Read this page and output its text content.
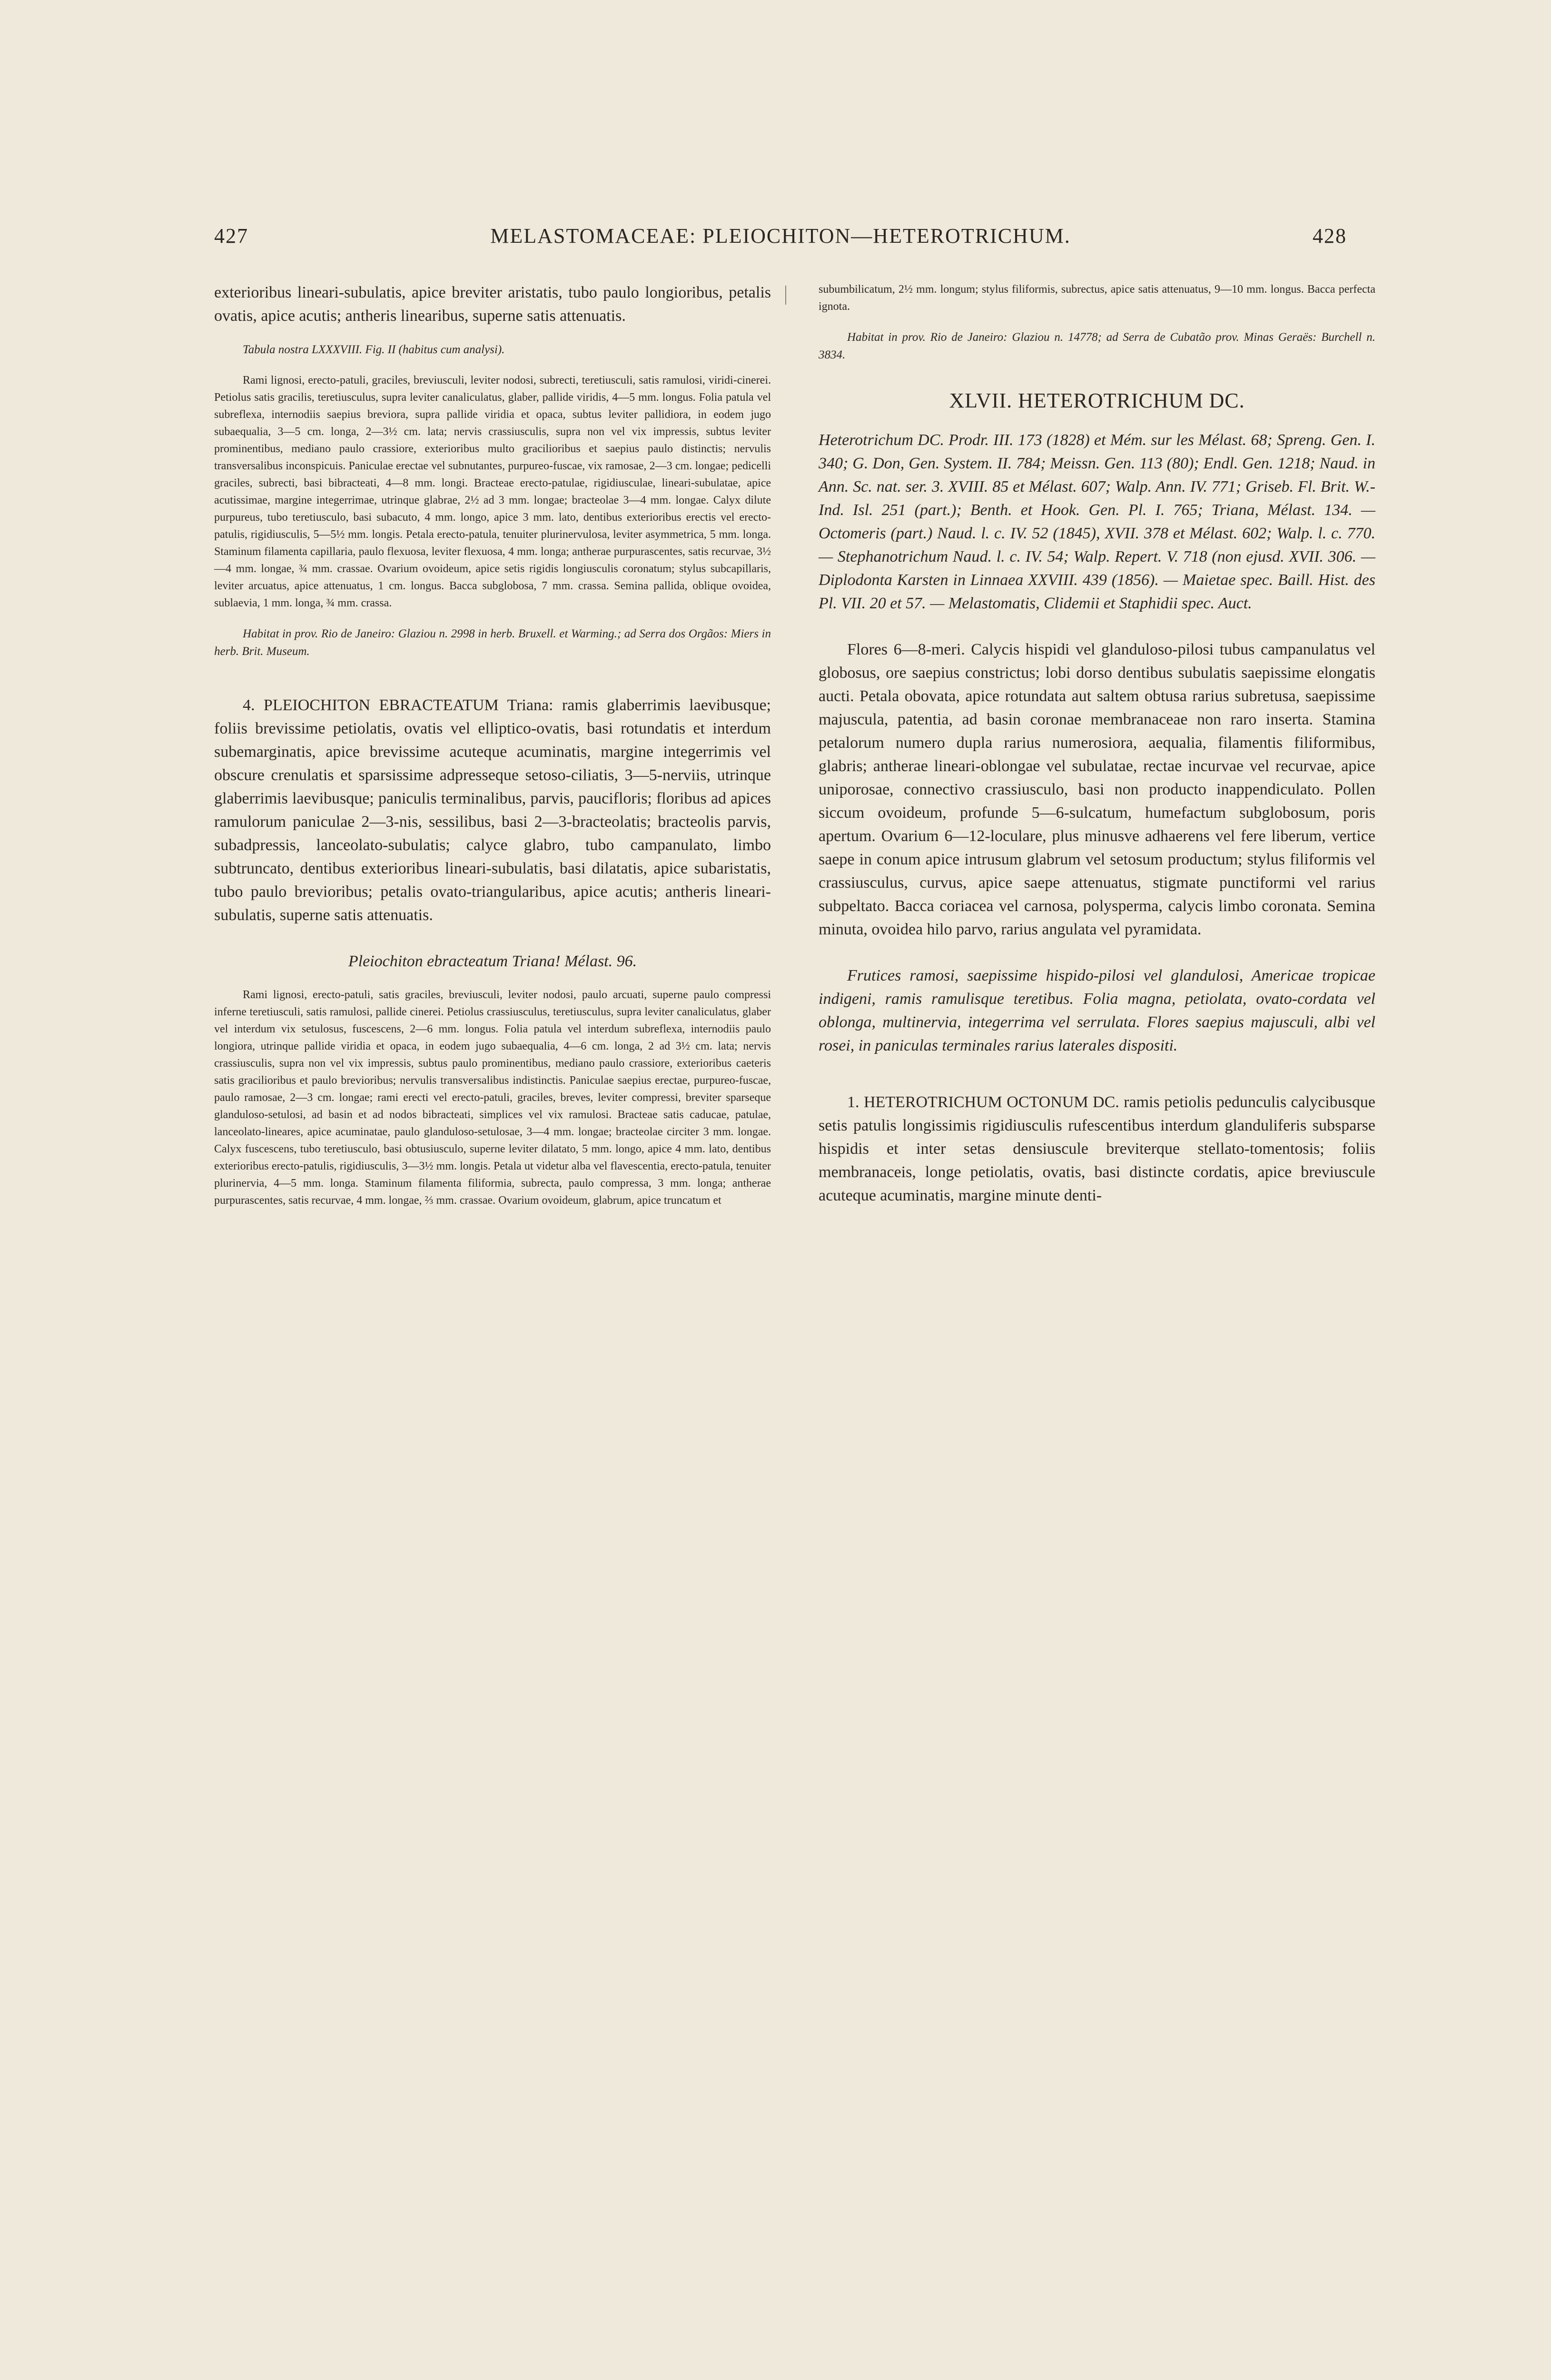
427	MELASTOMACEAE: PLEIOCHITON—HETEROTRICHUM.	428

exterioribus lineari-subulatis, apice breviter aristatis, tubo paulo longioribus, petalis ovatis, apice acutis; antheris linearibus, superne satis attenuatis.

Tabula nostra LXXXVIII. Fig. II (habitus cum analysi).

Rami lignosi, erecto-patuli, graciles, breviusculi, leviter nodosi, subrecti, teretiusculi, satis ramulosi, viridi-cinerei. Petiolus satis gracilis, teretiusculus, supra leviter canaliculatus, glaber, pallide viridis, 4—5 mm. longus. Folia patula vel subreflexa, internodiis saepius breviora, supra pallide viridia et opaca, subtus leviter pallidiora, in eodem jugo subaequalia, 3—5 cm. longa, 2—3½ cm. lata; nervis crassiusculis, supra non vel vix impressis, subtus leviter prominentibus, mediano paulo crassiore, exterioribus multo gracilioribus et saepius paulo distinctis; nervulis transversalibus inconspicuis. Paniculae erectae vel subnutantes, purpureo-fuscae, vix ramosae, 2—3 cm. longae; pedicelli graciles, subrecti, basi bibracteati, 4—8 mm. longi. Bracteae erecto-patulae, rigidiusculae, lineari-subulatae, apice acutissimae, margine integerrimae, utrinque glabrae, 2½ ad 3 mm. longae; bracteolae 3—4 mm. longae. Calyx dilute purpureus, tubo teretiusculo, basi subacuto, 4 mm. longo, apice 3 mm. lato, dentibus exterioribus erectis vel erecto-patulis, rigidiusculis, 5—5½ mm. longis. Petala erecto-patula, tenuiter plurinervulosa, leviter asymmetrica, 5 mm. longa. Staminum filamenta capillaria, paulo flexuosa, leviter flexuosa, 4 mm. longa; antherae purpurascentes, satis recurvae, 3½—4 mm. longae, ¾ mm. crassae. Ovarium ovoideum, apice setis rigidis longiusculis coronatum; stylus subcapillaris, leviter arcuatus, apice attenuatus, 1 cm. longus. Bacca subglobosa, 7 mm. crassa. Semina pallida, oblique ovoidea, sublaevia, 1 mm. longa, ¾ mm. crassa.

Habitat in prov. Rio de Janeiro: Glaziou n. 2998 in herb. Bruxell. et Warming.; ad Serra dos Orgãos: Miers in herb. Brit. Museum.

4. PLEIOCHITON EBRACTEATUM Triana: ramis glaberrimis laevibusque; foliis brevissime petiolatis, ovatis vel elliptico-ovatis, basi rotundatis et interdum subemarginatis, apice brevissime acuteque acuminatis, margine integerrimis vel obscure crenulatis et sparsissime adpresseque setoso-ciliatis, 3—5-nerviis, utrinque glaberrimis laevibusque; paniculis terminalibus, parvis, paucifloris; floribus ad apices ramulorum paniculae 2—3-nis, sessilibus, basi 2—3-bracteolatis; bracteolis parvis, subadpressis, lanceolato-subulatis; calyce glabro, tubo campanulato, limbo subtruncato, dentibus exterioribus lineari-subulatis, basi dilatatis, apice subaristatis, tubo paulo brevioribus; petalis ovato-triangularibus, apice acutis; antheris lineari-subulatis, superne satis attenuatis.

Pleiochiton ebracteatum Triana! Mélast. 96.

Rami lignosi, erecto-patuli, satis graciles, breviusculi, leviter nodosi, paulo arcuati, superne paulo compressi inferne teretiusculi, satis ramulosi, pallide cinerei. Petiolus crassiusculus, teretiusculus, supra leviter canaliculatus, glaber vel interdum vix setulosus, fuscescens, 2—6 mm. longus. Folia patula vel interdum subreflexa, internodiis paulo longiora, utrinque pallide viridia et opaca, in eodem jugo subaequalia, 4—6 cm. longa, 2 ad 3½ cm. lata; nervis crassiusculis, supra non vel vix impressis, subtus paulo prominentibus, mediano paulo crassiore, exterioribus caeteris satis gracilioribus et paulo brevioribus; nervulis transversalibus indistinctis. Paniculae saepius erectae, purpureo-fuscae, paulo ramosae, 2—3 cm. longae; rami erecti vel erecto-patuli, graciles, breves, leviter compressi, breviter sparseque glanduloso-setulosi, ad basin et ad nodos bibracteati, simplices vel vix ramulosi. Bracteae satis caducae, patulae, lanceolato-lineares, apice acuminatae, paulo glanduloso-setulosae, 3—4 mm. longae; bracteolae circiter 3 mm. longae. Calyx fuscescens, tubo teretiusculo, basi obtusiusculo, superne leviter dilatato, 5 mm. longo, apice 4 mm. lato, dentibus exterioribus erecto-patulis, rigidiusculis, 3—3½ mm. longis. Petala ut videtur alba vel flavescentia, erecto-patula, tenuiter plurinervia, 4—5 mm. longa. Staminum filamenta filiformia, subrecta, paulo compressa, 3 mm. longa; antherae purpurascentes, satis recurvae, 4 mm. longae, ⅔ mm. crassae. Ovarium ovoideum, glabrum, apice truncatum et

subumbilicatum, 2½ mm. longum; stylus filiformis, subrectus, apice satis attenuatus, 9—10 mm. longus. Bacca perfecta ignota.

Habitat in prov. Rio de Janeiro: Glaziou n. 14778; ad Serra de Cubatão prov. Minas Geraës: Burchell n. 3834.

XLVII. HETEROTRICHUM DC.

Heterotrichum DC. Prodr. III. 173 (1828) et Mém. sur les Mélast. 68; Spreng. Gen. I. 340; G. Don, Gen. System. II. 784; Meissn. Gen. 113 (80); Endl. Gen. 1218; Naud. in Ann. Sc. nat. ser. 3. XVIII. 85 et Mélast. 607; Walp. Ann. IV. 771; Griseb. Fl. Brit. W.-Ind. Isl. 251 (part.); Benth. et Hook. Gen. Pl. I. 765; Triana, Mélast. 134. — Octomeris (part.) Naud. l. c. IV. 52 (1845), XVII. 378 et Mélast. 602; Walp. l. c. 770. — Stephanotrichum Naud. l. c. IV. 54; Walp. Repert. V. 718 (non ejusd. XVII. 306. — Diplodonta Karsten in Linnaea XXVIII. 439 (1856). — Maietae spec. Baill. Hist. des Pl. VII. 20 et 57. — Melastomatis, Clidemii et Staphidii spec. Auct.

Flores 6—8-meri. Calycis hispidi vel glanduloso-pilosi tubus campanulatus vel globosus, ore saepius constrictus; lobi dorso dentibus subulatis saepissime elongatis aucti. Petala obovata, apice rotundata aut saltem obtusa rarius subretusa, saepissime majuscula, patentia, ad basin coronae membranaceae non raro inserta. Stamina petalorum numero dupla rarius numerosiora, aequalia, filamentis filiformibus, glabris; antherae lineari-oblongae vel subulatae, rectae incurvae vel recurvae, apice uniporosae, connectivo crassiusculo, basi non producto inappendiculato. Pollen siccum ovoideum, profunde 5—6-sulcatum, humefactum subglobosum, poris apertum. Ovarium 6—12-loculare, plus minusve adhaerens vel fere liberum, vertice saepe in conum apice intrusum glabrum vel setosum productum; stylus filiformis vel crassiusculus, curvus, apice saepe attenuatus, stigmate punctiformi vel rarius subpeltato. Bacca coriacea vel carnosa, polysperma, calycis limbo coronata. Semina minuta, ovoidea hilo parvo, rarius angulata vel pyramidata.

Frutices ramosi, saepissime hispido-pilosi vel glandulosi, Americae tropicae indigeni, ramis ramulisque teretibus. Folia magna, petiolata, ovato-cordata vel oblonga, multinervia, integerrima vel serrulata. Flores saepius majusculi, albi vel rosei, in paniculas terminales rarius laterales dispositi.

1. HETEROTRICHUM OCTONUM DC. ramis petiolis pedunculis calycibusque setis patulis longissimis rigidiusculis rufescentibus interdum glanduliferis subsparse hispidis et inter setas densiuscule breviterque stellato-tomentosis; foliis membranaceis, longe petiolatis, ovatis, basi distincte cordatis, apice breviuscule acuteque acuminatis, margine minute denti-
